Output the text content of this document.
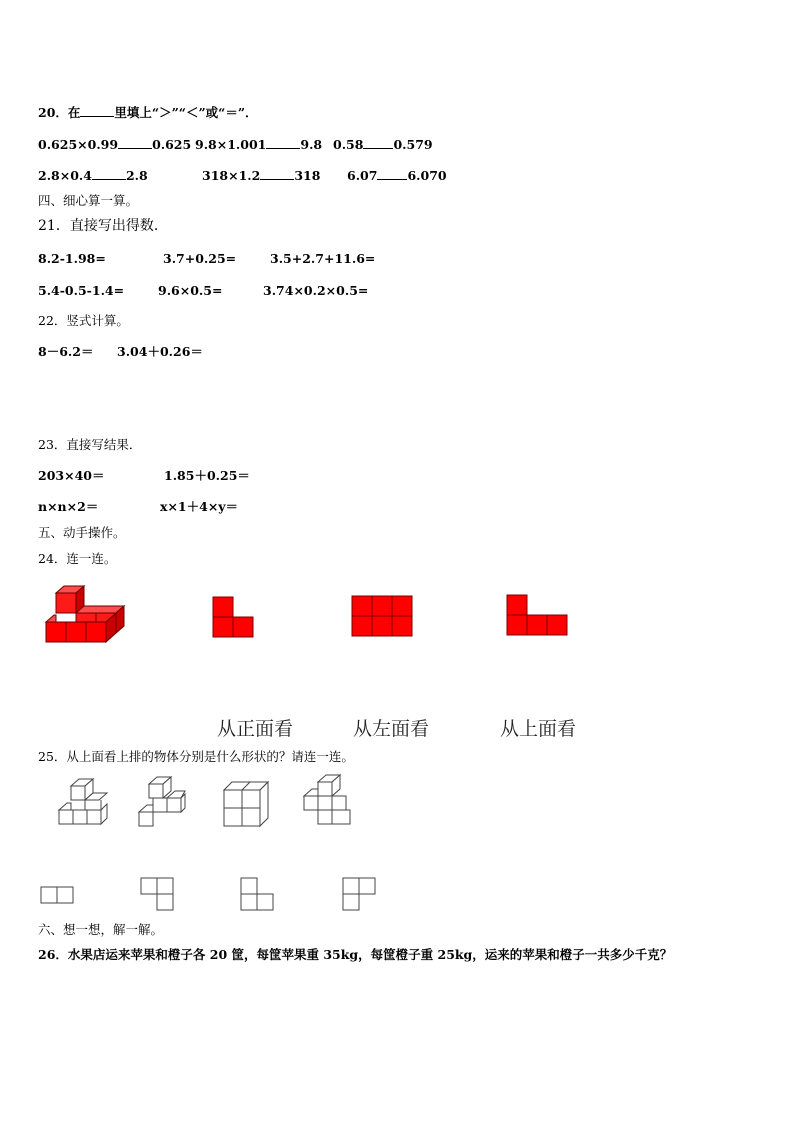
20．在	里填上“＞”“＜”或“＝”．
0.625×0.99	0.625 9.8×1.001	9.8 0.58 0.579
2.8×0.4	2.8	318×1.2	318 6.07 6.070
四、细心算一算。
21．直接写出得数．
8.2-1.98=	3.7+0.25=	3.5+2.7+11.6=
5.4-0.5-1.4=	9.6×0.5=	3.74×0.2×0.5=
22．竖式计算。
8－6.2＝ 3.04＋0.26＝
23．直接写结果．
203×40＝	1.85＋0.25＝
n×n×2＝	x×1＋4×y＝
五、动手操作。
24．连一连。
从正面看	从左面看	从上面看
25．从上面看上排的物体分别是什么形状的？请连一连。
六、想一想，解一解。
26．水果店运来苹果和橙子各 20 筐，每筐苹果重 35kg，每筐橙子重 25kg，运来的苹果和橙子一共多少千克？
